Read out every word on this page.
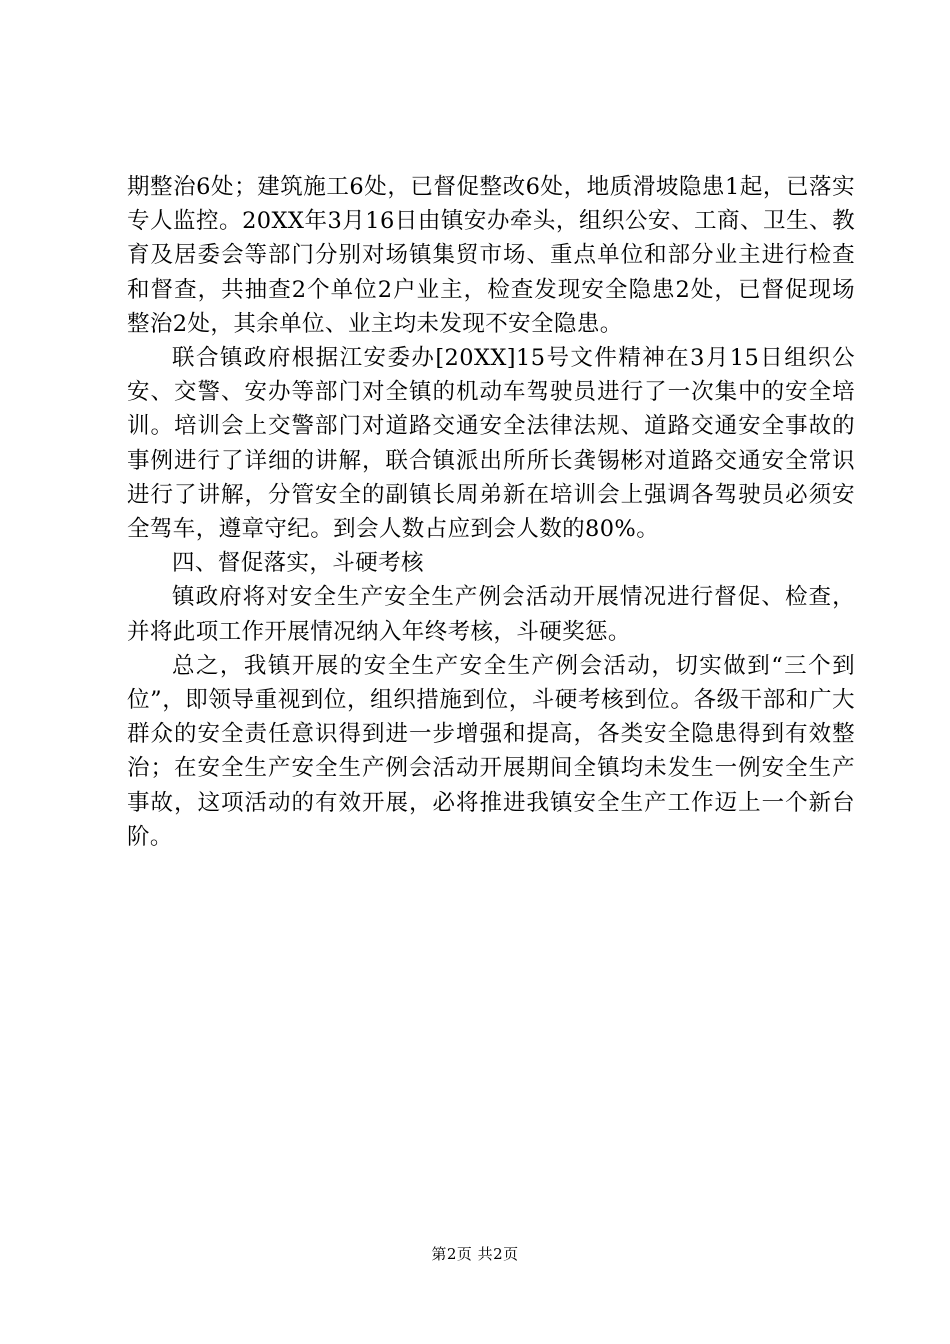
期整治6处；建筑施工6处，已督促整改6处，地质滑坡隐患1起，已落实专人监控。20XX年3月16日由镇安办牵头，组织公安、工商、卫生、教育及居委会等部门分别对场镇集贸市场、重点单位和部分业主进行检查和督查，共抽查2个单位2户业主，检查发现安全隐患2处，已督促现场整治2处，其余单位、业主均未发现不安全隐患。

联合镇政府根据江安委办[20XX]15号文件精神在3月15日组织公安、交警、安办等部门对全镇的机动车驾驶员进行了一次集中的安全培训。培训会上交警部门对道路交通安全法律法规、道路交通安全事故的事例进行了详细的讲解，联合镇派出所所长龚锡彬对道路交通安全常识进行了讲解，分管安全的副镇长周弟新在培训会上强调各驾驶员必须安全驾车，遵章守纪。到会人数占应到会人数的80%。

四、督促落实，斗硬考核

镇政府将对安全生产安全生产例会活动开展情况进行督促、检查，并将此项工作开展情况纳入年终考核，斗硬奖惩。

总之，我镇开展的安全生产安全生产例会活动，切实做到“三个到位”，即领导重视到位，组织措施到位，斗硬考核到位。各级干部和广大群众的安全责任意识得到进一步增强和提高，各类安全隐患得到有效整治；在安全生产安全生产例会活动开展期间全镇均未发生一例安全生产事故，这项活动的有效开展，必将推进我镇安全生产工作迈上一个新台阶。

第2页 共2页
